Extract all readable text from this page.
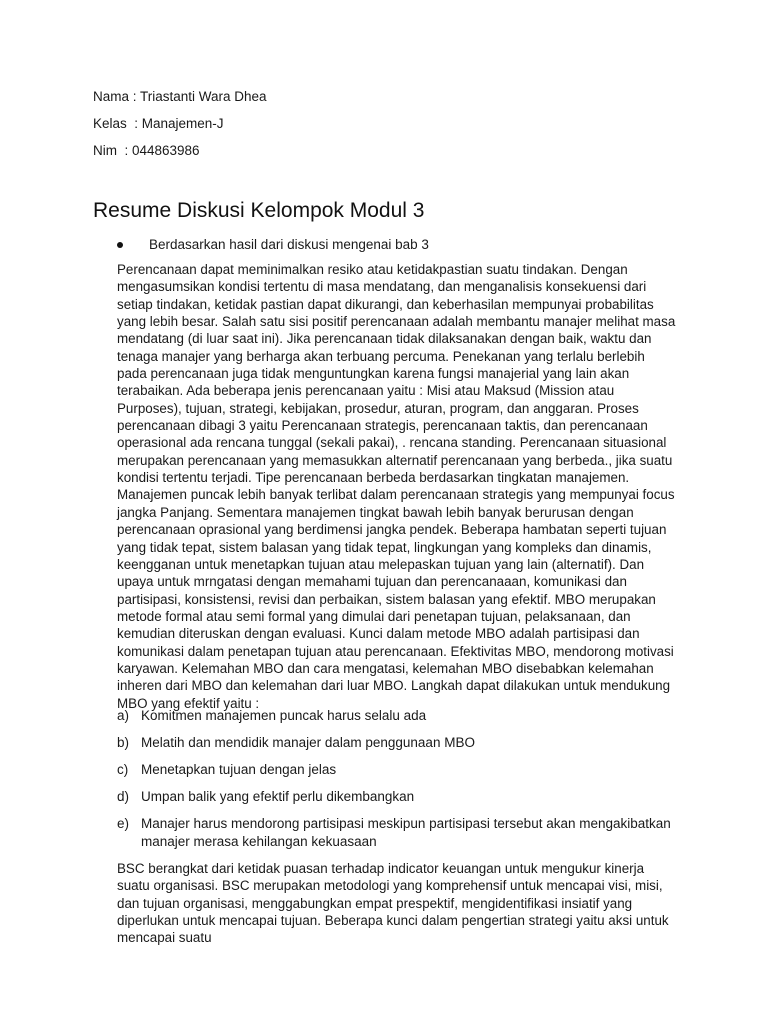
Nama : Triastanti Wara Dhea
Kelas  : Manajemen-J
Nim  : 044863986
Resume Diskusi Kelompok Modul 3
Berdasarkan hasil dari diskusi mengenai bab 3

Perencanaan dapat meminimalkan resiko atau ketidakpastian suatu tindakan. Dengan mengasumsikan kondisi tertentu di masa mendatang, dan menganalisis konsekuensi dari setiap tindakan, ketidak pastian dapat dikurangi, dan keberhasilan mempunyai probabilitas yang lebih besar. Salah satu sisi positif perencanaan adalah membantu manajer melihat masa mendatang (di luar saat ini). Jika perencanaan tidak dilaksanakan dengan baik, waktu dan tenaga manajer yang berharga akan terbuang percuma. Penekanan yang terlalu berlebih pada perencanaan juga tidak menguntungkan karena fungsi manajerial yang lain akan terabaikan. Ada beberapa jenis perencanaan yaitu : Misi atau Maksud (Mission atau Purposes), tujuan, strategi, kebijakan, prosedur, aturan, program, dan anggaran. Proses perencanaan dibagi 3 yaitu Perencanaan strategis, perencanaan taktis, dan perencanaan operasional ada rencana tunggal (sekali pakai), . rencana standing. Perencanaan situasional merupakan perencanaan yang memasukkan alternatif perencanaan yang berbeda., jika suatu kondisi tertentu terjadi. Tipe perencanaan berbeda berdasarkan tingkatan manajemen. Manajemen puncak lebih banyak terlibat dalam perencanaan strategis yang mempunyai focus jangka Panjang. Sementara manajemen tingkat bawah lebih banyak berurusan dengan perencanaan oprasional yang berdimensi jangka pendek. Beberapa hambatan seperti tujuan yang tidak tepat, sistem balasan yang tidak tepat, lingkungan yang kompleks dan dinamis, keengganan untuk menetapkan tujuan atau melepaskan tujuan yang lain (alternatif). Dan upaya untuk mrngatasi dengan memahami tujuan dan perencanaaan, komunikasi dan partisipasi, konsistensi, revisi dan perbaikan, sistem balasan yang efektif. MBO merupakan metode formal atau semi formal yang dimulai dari penetapan tujuan, pelaksanaan, dan kemudian diteruskan dengan evaluasi. Kunci dalam metode MBO adalah partisipasi dan komunikasi dalam penetapan tujuan atau perencanaan. Efektivitas MBO, mendorong motivasi karyawan. Kelemahan MBO dan cara mengatasi, kelemahan MBO disebabkan kelemahan inheren dari MBO dan kelemahan dari luar MBO. Langkah dapat dilakukan untuk mendukung MBO yang efektif yaitu :

a) Komitmen manajemen puncak harus selalu ada
b) Melatih dan mendidik manajer dalam penggunaan MBO
c) Menetapkan tujuan dengan jelas
d) Umpan balik yang efektif perlu dikembangkan
e) Manajer harus mendorong partisipasi meskipun partisipasi tersebut akan mengakibatkan manajer merasa kehilangan kekuasaan

BSC berangkat dari ketidak puasan terhadap indicator keuangan untuk mengukur kinerja suatu organisasi. BSC merupakan metodologi yang komprehensif untuk mencapai visi, misi, dan tujuan organisasi, menggabungkan empat prespektif, mengidentifikasi insiatif yang diperlukan untuk mencapai tujuan. Beberapa kunci dalam pengertian strategi yaitu aksi untuk mencapai suatu
